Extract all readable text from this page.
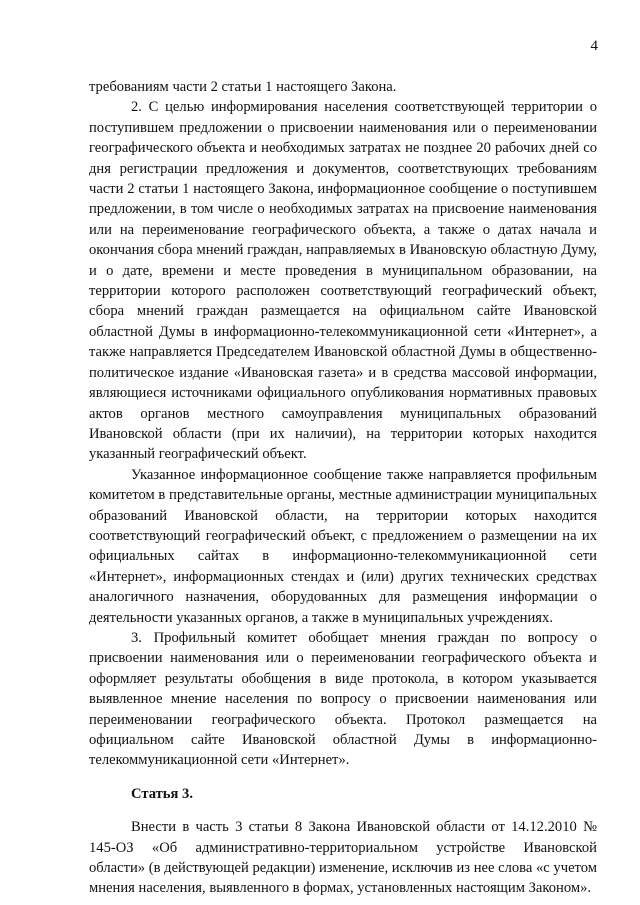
4

требованиям части 2 статьи 1 настоящего Закона.

2. С целью информирования населения соответствующей территории о поступившем предложении о присвоении наименования или о переименовании географического объекта и необходимых затратах не позднее 20 рабочих дней со дня регистрации предложения и документов, соответствующих требованиям части 2 статьи 1 настоящего Закона, информационное сообщение о поступившем предложении, в том числе о необходимых затратах на присвоение наименования или на переименование географического объекта, а также о датах начала и окончания сбора мнений граждан, направляемых в Ивановскую областную Думу, и о дате, времени и месте проведения в муниципальном образовании, на территории которого расположен соответствующий географический объект, сбора мнений граждан размещается на официальном сайте Ивановской областной Думы в информационно-телекоммуникационной сети «Интернет», а также направляется Председателем Ивановской областной Думы в общественно-политическое издание «Ивановская газета» и в средства массовой информации, являющиеся источниками официального опубликования нормативных правовых актов органов местного самоуправления муниципальных образований Ивановской области (при их наличии), на территории которых находится указанный географический объект.

Указанное информационное сообщение также направляется профильным комитетом в представительные органы, местные администрации муниципальных образований Ивановской области, на территории которых находится соответствующий географический объект, с предложением о размещении на их официальных сайтах в информационно-телекоммуникационной сети «Интернет», информационных стендах и (или) других технических средствах аналогичного назначения, оборудованных для размещения информации о деятельности указанных органов, а также в муниципальных учреждениях.

3. Профильный комитет обобщает мнения граждан по вопросу о присвоении наименования или о переименовании географического объекта и оформляет результаты обобщения в виде протокола, в котором указывается выявленное мнение населения по вопросу о присвоении наименования или переименовании географического объекта. Протокол размещается на официальном сайте Ивановской областной Думы в информационно-телекоммуникационной сети «Интернет».

Статья 3.

Внести в часть 3 статьи 8 Закона Ивановской области от 14.12.2010 № 145-ОЗ «Об административно-территориальном устройстве Ивановской области» (в действующей редакции) изменение, исключив из нее слова «с учетом мнения населения, выявленного в формах, установленных настоящим Законом».
